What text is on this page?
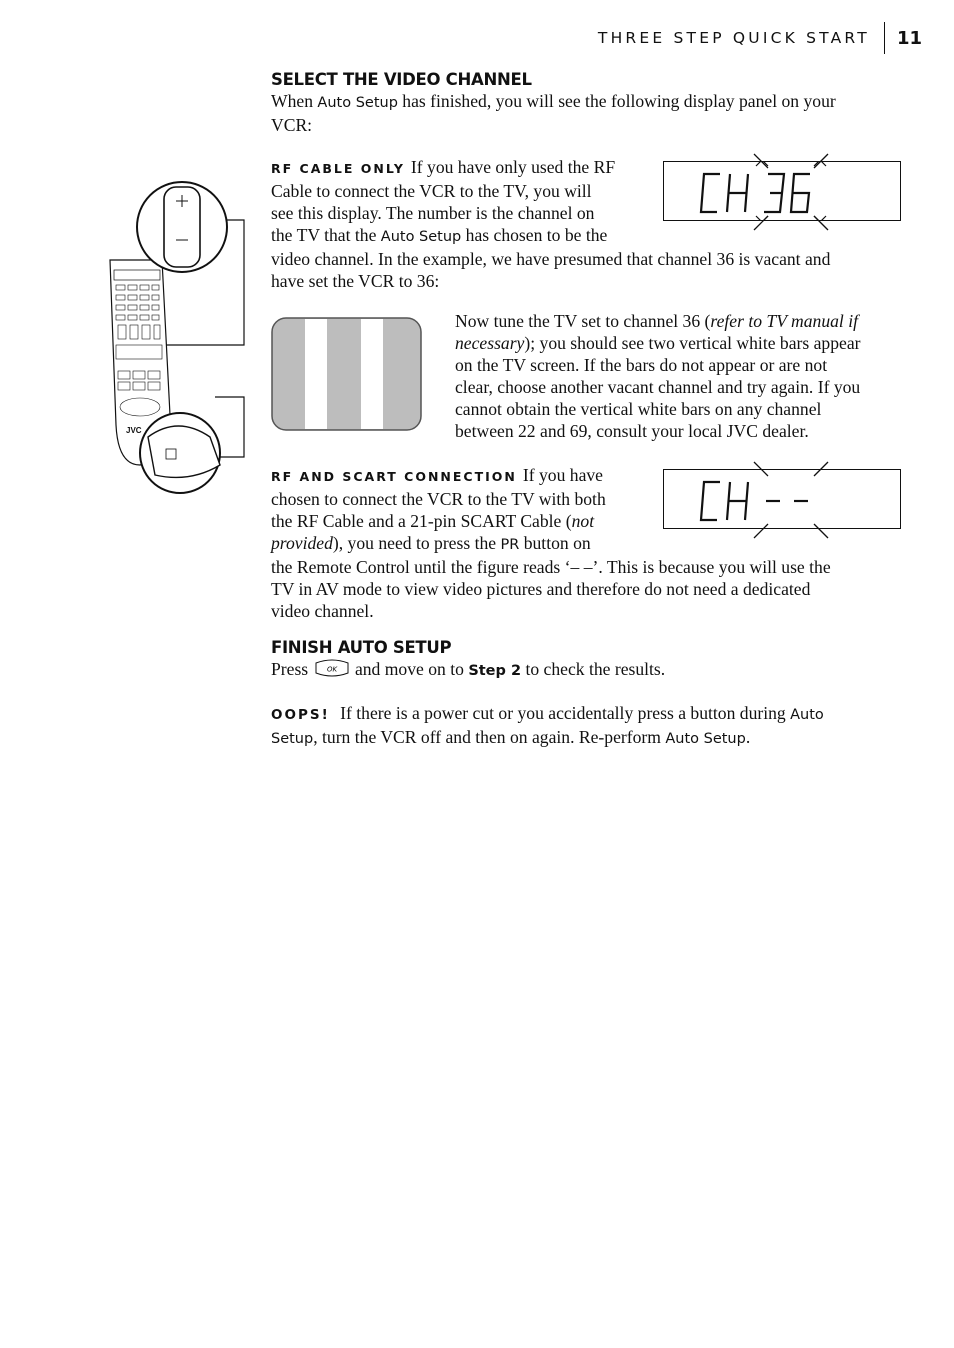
THREE STEP QUICK START 11
SELECT THE VIDEO CHANNEL
When Auto Setup has finished, you will see the following display panel on your
VCR:
RF CABLE ONLY If you have only used the RF
Cable to connect the VCR to the TV, you will
see this display. The number is the channel on
the TV that the Auto Setup has chosen to be the
video channel. In the example, we have presumed that channel 36 is vacant and
have set the VCR to 36:
Now tune the TV set to channel 36 (refer to TV manual if
necessary); you should see two vertical white bars appear
on the TV screen. If the bars do not appear or are not
clear, choose another vacant channel and try again. If you
cannot obtain the vertical white bars on any channel
between 22 and 69, consult your local JVC dealer.
RF AND SCART CONNECTION If you have
chosen to connect the VCR to the TV with both
the RF Cable and a 21-pin SCART Cable (not
provided), you need to press the PR button on
the Remote Control until the figure reads ‘– –’. This is because you will use the
TV in AV mode to view video pictures and therefore do not need a dedicated
video channel.
FINISH AUTO SETUP
Press OK and move on to Step 2 to check the results.
OOPS! If there is a power cut or you accidentally press a button during Auto
Setup, turn the VCR off and then on again. Re-perform Auto Setup.
JVC
